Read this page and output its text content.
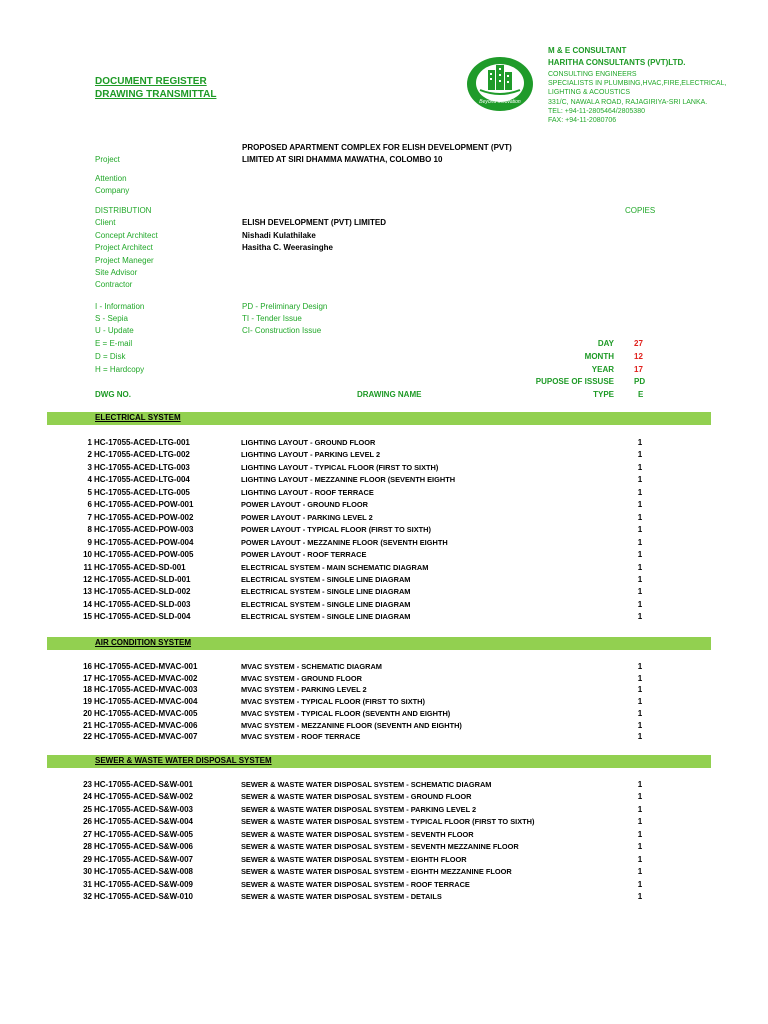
DOCUMENT REGISTER
DRAWING TRANSMITTAL
Beyond Innovation
M & E CONSULTANT
HARITHA CONSULTANTS (PVT)LTD.
CONSULTING ENGINEERS
SPECIALISTS IN PLUMBING,HVAC,FIRE,ELECTRICAL,
LIGHTING & ACOUSTICS
331/C, NAWALA ROAD, RAJAGIRIYA-SRI LANKA.
TEL: +94-11-2805464/2805380
FAX: +94-11-2080706
PROPOSED APARTMENT COMPLEX FOR ELISH DEVELOPMENT (PVT)
Project	LIMITED AT SIRI DHAMMA MAWATHA, COLOMBO 10
Attention
Company
DISTRIBUTION	COPIES
Client	ELISH DEVELOPMENT (PVT) LIMITED
Concept Architect	Nishadi Kulathilake
Project Architect	Hasitha C. Weerasinghe
Project Maneger
Site Advisor
Contractor
I - Information
S - Sepia
U - Update
E = E-mail
D = Disk
H = Hardcopy
PD - Preliminary Design
TI - Tender Issue
CI- Construction Issue
DAY	27
MONTH	12
YEAR	17
PUPOSE OF ISSUSE	PD
TYPE	E
DWG NO.	DRAWING NAME
ELECTRICAL SYSTEM
AIR CONDITION SYSTEM
SEWER & WASTE WATER DISPOSAL SYSTEM
1 HC-17055-ACED-LTG-001	LIGHTING LAYOUT - GROUND FLOOR	1
2 HC-17055-ACED-LTG-002	LIGHTING LAYOUT - PARKING LEVEL 2	1
3 HC-17055-ACED-LTG-003	LIGHTING LAYOUT - TYPICAL FLOOR (FIRST TO SIXTH)	1
4 HC-17055-ACED-LTG-004	LIGHTING LAYOUT - MEZZANINE FLOOR (SEVENTH EIGHTH	1
5 HC-17055-ACED-LTG-005	LIGHTING LAYOUT - ROOF TERRACE	1
6 HC-17055-ACED-POW-001	POWER LAYOUT - GROUND FLOOR	1
7 HC-17055-ACED-POW-002	POWER LAYOUT - PARKING LEVEL 2	1
8 HC-17055-ACED-POW-003	POWER LAYOUT - TYPICAL FLOOR (FIRST TO SIXTH)	1
9 HC-17055-ACED-POW-004	POWER LAYOUT - MEZZANINE FLOOR (SEVENTH EIGHTH	1
10 HC-17055-ACED-POW-005	POWER LAYOUT - ROOF TERRACE	1
11 HC-17055-ACED-SD-001	ELECTRICAL SYSTEM - MAIN SCHEMATIC DIAGRAM	1
12 HC-17055-ACED-SLD-001	ELECTRICAL SYSTEM - SINGLE LINE DIAGRAM	1
13 HC-17055-ACED-SLD-002	ELECTRICAL SYSTEM - SINGLE LINE DIAGRAM	1
14 HC-17055-ACED-SLD-003	ELECTRICAL SYSTEM - SINGLE LINE DIAGRAM	1
15 HC-17055-ACED-SLD-004	ELECTRICAL SYSTEM - SINGLE LINE DIAGRAM	1
16 HC-17055-ACED-MVAC-001	MVAC SYSTEM - SCHEMATIC DIAGRAM	1
17 HC-17055-ACED-MVAC-002	MVAC SYSTEM - GROUND FLOOR	1
18 HC-17055-ACED-MVAC-003	MVAC SYSTEM - PARKING LEVEL 2	1
19 HC-17055-ACED-MVAC-004	MVAC SYSTEM - TYPICAL FLOOR (FIRST TO SIXTH)	1
20 HC-17055-ACED-MVAC-005	MVAC SYSTEM - TYPICAL FLOOR (SEVENTH AND EIGHTH)	1
21 HC-17055-ACED-MVAC-006	MVAC SYSTEM - MEZZANINE FLOOR (SEVENTH AND EIGHTH)	1
22 HC-17055-ACED-MVAC-007	MVAC SYSTEM - ROOF TERRACE	1
23 HC-17055-ACED-S&W-001	SEWER & WASTE WATER DISPOSAL SYSTEM - SCHEMATIC DIAGRAM	1
24 HC-17055-ACED-S&W-002	SEWER & WASTE WATER DISPOSAL SYSTEM - GROUND FLOOR	1
25 HC-17055-ACED-S&W-003	SEWER & WASTE WATER DISPOSAL SYSTEM - PARKING LEVEL 2	1
26 HC-17055-ACED-S&W-004	SEWER & WASTE WATER DISPOSAL SYSTEM - TYPICAL FLOOR (FIRST TO SIXTH)	1
27 HC-17055-ACED-S&W-005	SEWER & WASTE WATER DISPOSAL SYSTEM - SEVENTH FLOOR	1
28 HC-17055-ACED-S&W-006	SEWER & WASTE WATER DISPOSAL SYSTEM - SEVENTH MEZZANINE FLOOR	1
29 HC-17055-ACED-S&W-007	SEWER & WASTE WATER DISPOSAL SYSTEM - EIGHTH FLOOR	1
30 HC-17055-ACED-S&W-008	SEWER & WASTE WATER DISPOSAL SYSTEM - EIGHTH MEZZANINE FLOOR	1
31 HC-17055-ACED-S&W-009	SEWER & WASTE WATER DISPOSAL SYSTEM - ROOF TERRACE	1
32 HC-17055-ACED-S&W-010	SEWER & WASTE WATER DISPOSAL SYSTEM - DETAILS	1
